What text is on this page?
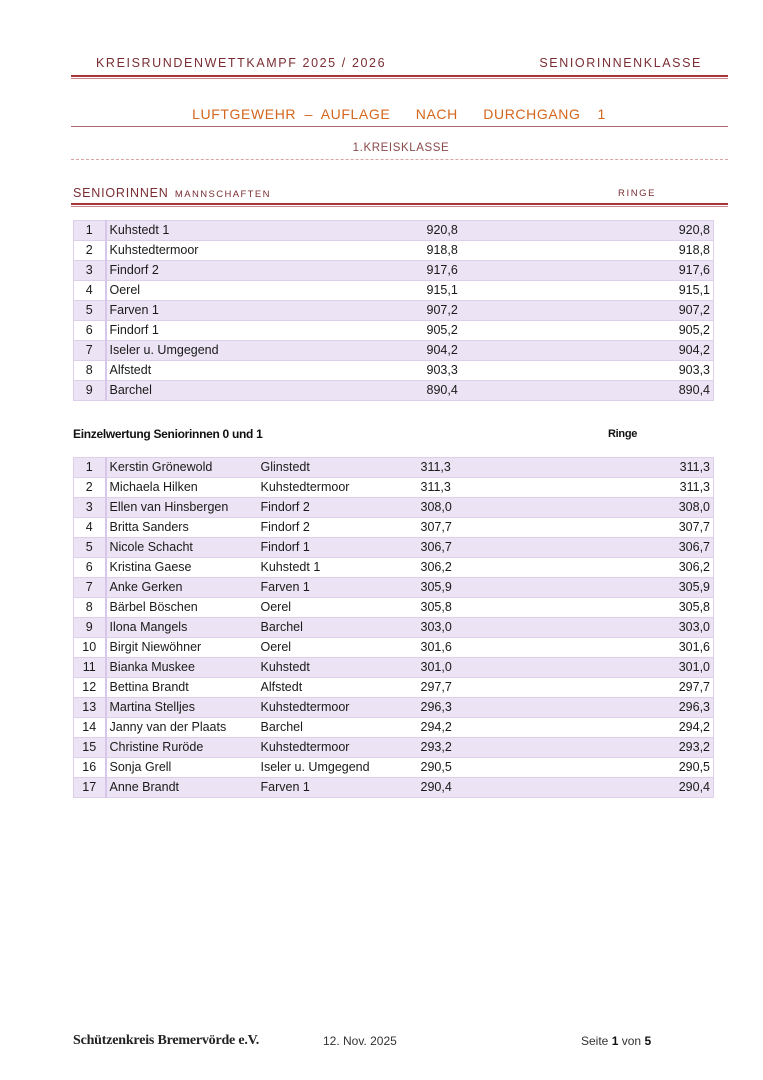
KREISRUNDENWETTKAMPF 2025 / 2026	SENIORINNENKLASSE
LUFTGEWEHR – AUFLAGE   NACH   DURCHGANG  1
1.KREISKLASSE
SENIORINNEN MANNSCHAFTEN	RINGE
1	Kuhstedt 1	920,8	920,8
2	Kuhstedtermoor	918,8	918,8
3	Findorf 2	917,6	917,6
4	Oerel	915,1	915,1
5	Farven 1	907,2	907,2
6	Findorf 1	905,2	905,2
7	Iseler u. Umgegend	904,2	904,2
8	Alfstedt	903,3	903,3
9	Barchel	890,4	890,4
Einzelwertung Seniorinnen 0 und 1	Ringe
1	Kerstin Grönewold	Glinstedt	311,3	311,3
2	Michaela Hilken	Kuhstedtermoor	311,3	311,3
3	Ellen van Hinsbergen	Findorf 2	308,0	308,0
4	Britta Sanders	Findorf 2	307,7	307,7
5	Nicole Schacht	Findorf 1	306,7	306,7
6	Kristina Gaese	Kuhstedt 1	306,2	306,2
7	Anke Gerken	Farven 1	305,9	305,9
8	Bärbel Böschen	Oerel	305,8	305,8
9	Ilona Mangels	Barchel	303,0	303,0
10	Birgit Niewöhner	Oerel	301,6	301,6
11	Bianka Muskee	Kuhstedt	301,0	301,0
12	Bettina Brandt	Alfstedt	297,7	297,7
13	Martina Stelljes	Kuhstedtermoor	296,3	296,3
14	Janny van der Plaats	Barchel	294,2	294,2
15	Christine Ruröde	Kuhstedtermoor	293,2	293,2
16	Sonja Grell	Iseler u. Umgegend	290,5	290,5
17	Anne Brandt	Farven 1	290,4	290,4
Schützenkreis Bremervörde e.V.	12. Nov. 2025	Seite 1 von 5
